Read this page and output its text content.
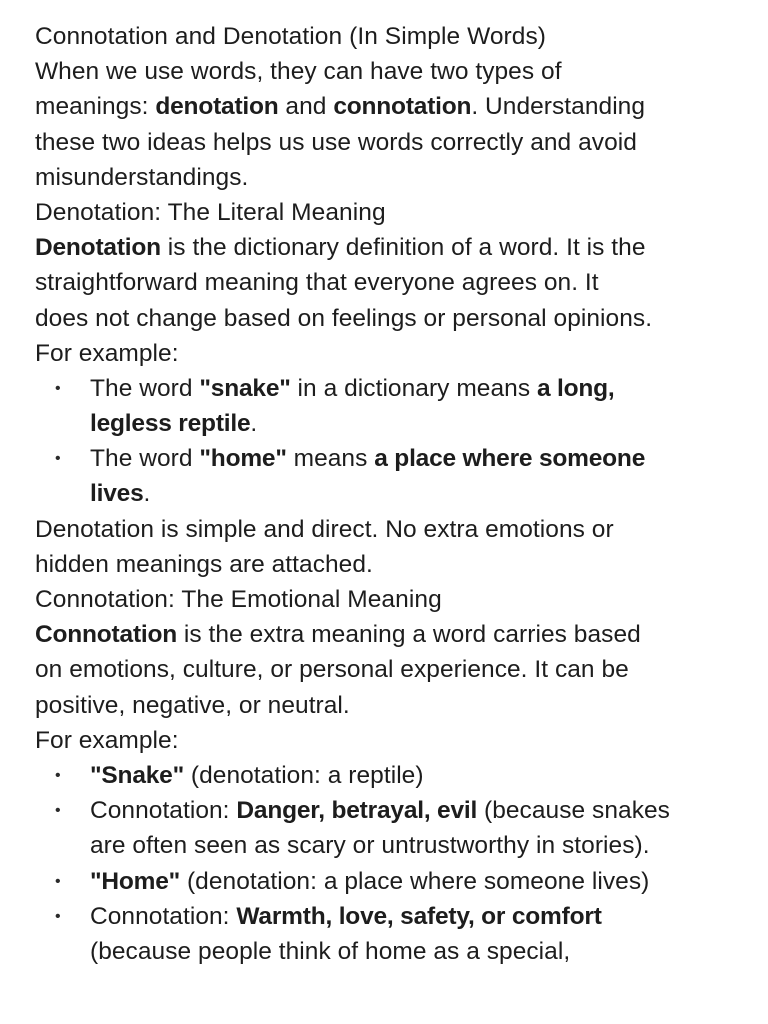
Connotation and Denotation (In Simple Words)
When we use words, they can have two types of
meanings: denotation and connotation. Understanding
these two ideas helps us use words correctly and avoid
misunderstandings.
Denotation: The Literal Meaning
Denotation is the dictionary definition of a word. It is the
straightforward meaning that everyone agrees on. It
does not change based on feelings or personal opinions.
For example:
• The word "snake" in a dictionary means a long,
legless reptile.
• The word "home" means a place where someone
lives.
Denotation is simple and direct. No extra emotions or
hidden meanings are attached.
Connotation: The Emotional Meaning
Connotation is the extra meaning a word carries based
on emotions, culture, or personal experience. It can be
positive, negative, or neutral.
For example:
• "Snake" (denotation: a reptile)
• Connotation: Danger, betrayal, evil (because snakes
are often seen as scary or untrustworthy in stories).
• "Home" (denotation: a place where someone lives)
• Connotation: Warmth, love, safety, or comfort
(because people think of home as a special,
